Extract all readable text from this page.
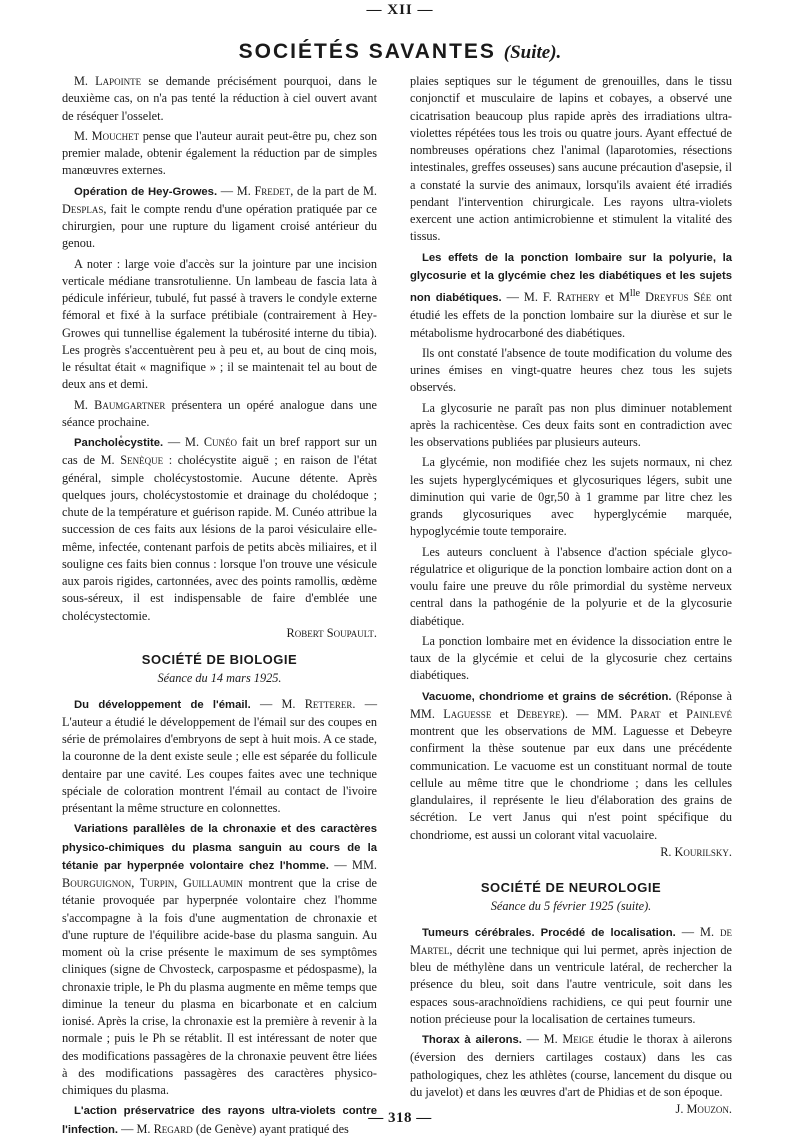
— XII —
SOCIÉTÉS SAVANTES (Suite).

M. Lapointe se demande précisément pourquoi, dans le deuxième cas, on n'a pas tenté la réduction à ciel ouvert avant de réséquer l'osselet.

M. Mouchet pense que l'auteur aurait peut-être pu, chez son premier malade, obtenir également la réduction par de simples manœuvres externes.

Opération de Hey-Growes. — M. Fredet, de la part de M. Desplas, fait le compte rendu d'une opération pratiquée par ce chirurgien, pour une rupture du ligament croisé antérieur du genou.

A noter : large voie d'accès sur la jointure par une incision verticale médiane transrotulienne. Un lambeau de fascia lata à pédicule inférieur, tubulé, fut passé à travers le condyle externe fémoral et fixé à la surface prétibiale (contrairement à Hey-Growes qui tunnellise également la tubérosité interne du tibia). Les progrès s'accentuèrent peu à peu et, au bout de cinq mois, le résultat était « magnifique » ; il se maintenait tel au bout de deux ans et demi.

M. Baumgartner présentera un opéré analogue dans une séance prochaine.

Panchole̊cystite. — M. Cunéo fait un bref rapport sur un cas de M. Senèque : cholécystite aiguë ; en raison de l'état général, simple cholécystostomie. Aucune détente. Après quelques jours, cholécystostomie et drainage du cholédoque ; chute de la température et guérison rapide. M. Cunéo attribue la succession de ces faits aux lésions de la paroi vésiculaire elle-même, infectée, contenant parfois de petits abcès miliaires, et il souligne ces faits bien connus : lorsque l'on trouve une vésicule aux parois rigides, cartonnées, avec des points ramollis, œdème sous-séreux, il est indispensable de faire d'emblée une cholécystectomie.
Robert Soupault.

SOCIÉTÉ DE BIOLOGIE
Séance du 14 mars 1925.

Du développement de l'émail. — M. Retterer. — L'auteur a étudié le développement de l'émail sur des coupes en série de prémolaires d'embryons de sept à huit mois. A ce stade, la couronne de la dent existe seule ; elle est séparée du follicule dentaire par une cavité. Les coupes faites avec une technique spéciale de coloration montrent l'émail au contact de l'ivoire présentant la même structure en colonnettes.

Variations parallèles de la chronaxie et des caractères physico-chimiques du plasma sanguin au cours de la tétanie par hyperpnée volontaire chez l'homme. — MM. Bourguignon, Turpin, Guillaumin montrent que la crise de tétanie provoquée par hyperpnée volontaire chez l'homme s'accompagne à la fois d'une augmentation de chronaxie et d'une rupture de l'équilibre acide-base du plasma sanguin. Au moment où la crise présente le maximum de ses symptômes cliniques (signe de Chvosteck, carpospasme et pédospasme), la chronaxie triple, le Ph du plasma augmente en même temps que diminue la teneur du plasma en bicarbonate et en calcium ionisé. Après la crise, la chronaxie est la première à revenir à la normale ; puis le Ph se rétablit. Il est intéressant de noter que des modifications passagères de la chronaxie peuvent être liées à des modifications passagères des caractères physico-chimiques du plasma.

L'action préservatrice des rayons ultra-violets contre l'infection. — M. Regard (de Genève) ayant pratiqué des

plaies septiques sur le tégument de grenouilles, dans le tissu conjonctif et musculaire de lapins et cobayes, a observé une cicatrisation beaucoup plus rapide après des irradiations ultra-violettes répétées tous les trois ou quatre jours. Ayant effectué de nombreuses opérations chez l'animal (laparotomies, résections intestinales, greffes osseuses) sans aucune précaution d'asepsie, il a constaté la survie des animaux, lorsqu'ils avaient été irradiés pendant l'intervention chirurgicale. Les rayons ultra-violets exercent une action antimicrobienne et stimulent la vitalité des tissus.

Les effets de la ponction lombaire sur la polyurie, la glycosurie et la glycémie chez les diabétiques et les sujets non diabétiques. — M. F. Rathery et $M^{lle}$ Dreyfus Sée ont étudié les effets de la ponction lombaire sur la diurèse et sur le métabolisme hydrocarboné des diabétiques.

Ils ont constaté l'absence de toute modification du volume des urines émises en vingt-quatre heures chez tous les sujets observés.

La glycosurie ne paraît pas non plus diminuer notablement après la rachicentèse. Ces deux faits sont en contradiction avec les observations publiées par plusieurs auteurs.

La glycémie, non modifiée chez les sujets normaux, ni chez les sujets hyperglycémiques et glycosuriques légers, subit une diminution qui varie de 0gr,50 à 1 gramme par litre chez les grands glycosuriques avec hyperglycémie marquée, hypoglycémie toute temporaire.

Les auteurs concluent à l'absence d'action spéciale glyco-régulatrice et oligurique de la ponction lombaire action dont on a voulu faire une preuve du rôle primordial du système nerveux central dans la pathogénie de la polyurie et de la glycosurie diabétique.

La ponction lombaire met en évidence la dissociation entre le taux de la glycémie et celui de la glycosurie chez certains diabétiques.

Vacuome, chondriome et grains de sécrétion. (Réponse à MM. Laguesse et Debeyre). — MM. Parat et Painlevé montrent que les observations de MM. Laguesse et Debeyre confirment la thèse soutenue par eux dans une précédente communication. Le vacuome est un constituant normal de toute cellule au même titre que le chondriome ; dans les cellules glandulaires, il représente le lieu d'élaboration des grains de sécrétion. Le vert Janus qui n'est point spécifique du chondriome, est aussi un colorant vital vacuolaire.
R. Kourilsky.

SOCIÉTÉ DE NEUROLOGIE
Séance du 5 février 1925 (suite).

Tumeurs cérébrales. Procédé de localisation. — M. de Martel, décrit une technique qui lui permet, après injection de bleu de méthylène dans un ventricule latéral, de rechercher la présence du bleu, soit dans l'autre ventricule, soit dans les espaces sous-arachnoïdiens rachidiens, ce qui peut fournir une notion précieuse pour la localisation de certaines tumeurs.

Thorax à ailerons. — M. Meige étudie le thorax à ailerons (éversion des derniers cartilages costaux) dans les cas pathologiques, chez les athlètes (course, lancement du disque ou du javelot) et dans les œuvres d'art de Phidias et de son époque.
J. Mouzon.

— 318 —
